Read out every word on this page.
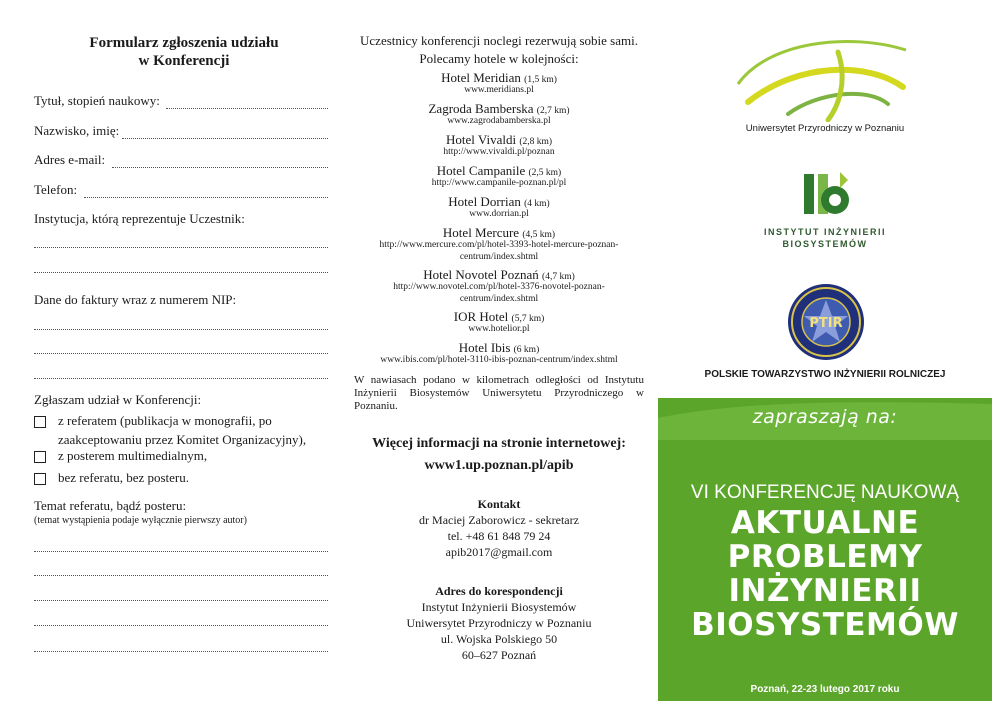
Formularz zgłoszenia udziału
w Konferencji
Tytuł, stopień naukowy:
Nazwisko, imię:
Adres e-mail:
Telefon:
Instytucja, którą reprezentuje Uczestnik:
Dane do faktury wraz z numerem NIP:
Zgłaszam udział w Konferencji:
z referatem (publikacja w monografii, po
zaakceptowaniu przez Komitet Organizacyjny),
z posterem multimedialnym,
bez referatu, bez posteru.
Temat referatu, bądź posteru:
(temat wystąpienia podaje wyłącznie pierwszy autor)
Uczestnicy konferencji noclegi rezerwują sobie sami.
Polecamy hotele w kolejności:
Hotel Meridian (1,5 km)
www.meridians.pl
Zagroda Bamberska (2,7 km)
www.zagrodabamberska.pl
Hotel Vivaldi (2,8 km)
http://www.vivaldi.pl/poznan
Hotel Campanile (2,5 km)
http://www.campanile-poznan.pl/pl
Hotel Dorrian (4 km)
www.dorrian.pl
Hotel Mercure (4,5 km)
http://www.mercure.com/pl/hotel-3393-hotel-mercure-poznan-
centrum/index.shtml
Hotel Novotel Poznań (4,7 km)
http://www.novotel.com/pl/hotel-3376-novotel-poznan-
centrum/index.shtml
IOR Hotel (5,7 km)
www.hotelior.pl
Hotel Ibis (6 km)
www.ibis.com/pl/hotel-3110-ibis-poznan-centrum/index.shtml
W nawiasach podano w kilometrach odległości od Instytutu Inżynierii Biosystemów Uniwersytetu Przyrodniczego w Poznaniu.
Więcej informacji na stronie internetowej:
www1.up.poznan.pl/apib
Kontakt
dr Maciej Zaborowicz - sekretarz
tel. +48 61 848 79 24
apib2017@gmail.com
Adres do korespondencji
Instytut Inżynierii Biosystemów
Uniwersytet Przyrodniczy w Poznaniu
ul. Wojska Polskiego 50
60–627 Poznań
Uniwersytet Przyrodniczy w Poznaniu
INSTYTUT INŻYNIERII
BIOSYSTEMÓW
PTIR
POLSKIE TOWARZYSTWO INŻYNIERII ROLNICZEJ
zapraszają na:
VI KONFERENCJĘ NAUKOWĄ
AKTUALNE
PROBLEMY
INŻYNIERII
BIOSYSTEMÓW
Poznań, 22-23 lutego 2017 roku
